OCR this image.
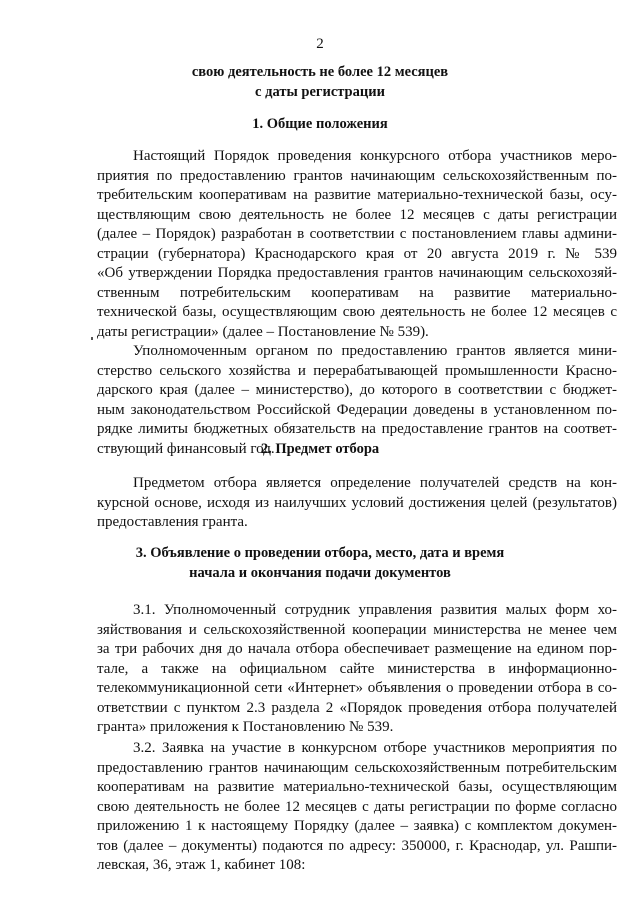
2
свою деятельность не более 12 месяцев
с даты регистрации
1. Общие положения
Настоящий Порядок проведения конкурсного отбора участников меро-
приятия по предоставлению грантов начинающим сельскохозяйственным по-
требительским кооперативам на развитие материально-технической базы, осу-
ществляющим свою деятельность не более 12 месяцев с даты регистрации
(далее – Порядок) разработан в соответствии с постановлением главы админи-
страции (губернатора) Краснодарского края от 20 августа 2019 г. № 539
«Об утверждении Порядка предоставления грантов начинающим сельскохозяй-
ственным потребительским кооперативам на развитие материально-
технической базы, осуществляющим свою деятельность не более 12 месяцев с
даты регистрации» (далее – Постановление № 539).
Уполномоченным органом по предоставлению грантов является мини-
стерство сельского хозяйства и перерабатывающей промышленности Красно-
дарского края (далее – министерство), до которого в соответствии с бюджет-
ным законодательством Российской Федерации доведены в установленном по-
рядке лимиты бюджетных обязательств на предоставление грантов на соответ-
ствующий финансовый год.
2. Предмет отбора
Предметом отбора является определение получателей средств на кон-
курсной основе, исходя из наилучших условий достижения целей (результатов)
предоставления гранта.
3. Объявление о проведении отбора, место, дата и время
начала и окончания подачи документов
3.1. Уполномоченный сотрудник управления развития малых форм хо-
зяйствования и сельскохозяйственной кооперации министерства не менее чем
за три рабочих дня до начала отбора обеспечивает размещение на едином пор-
тале, а также на официальном сайте министерства в информационно-
телекоммуникационной сети «Интернет» объявления о проведении отбора в со-
ответствии с пунктом 2.3 раздела 2 «Порядок проведения отбора получателей
гранта» приложения к Постановлению № 539.
3.2. Заявка на участие в конкурсном отборе участников мероприятия по
предоставлению грантов начинающим сельскохозяйственным потребительским
кооперативам на развитие материально-технической базы, осуществляющим
свою деятельность не более 12 месяцев с даты регистрации по форме согласно
приложению 1 к настоящему Порядку (далее – заявка) с комплектом докумен-
тов (далее – документы) подаются по адресу: 350000, г. Краснодар, ул. Рашпи-
левская, 36, этаж 1, кабинет 108:
